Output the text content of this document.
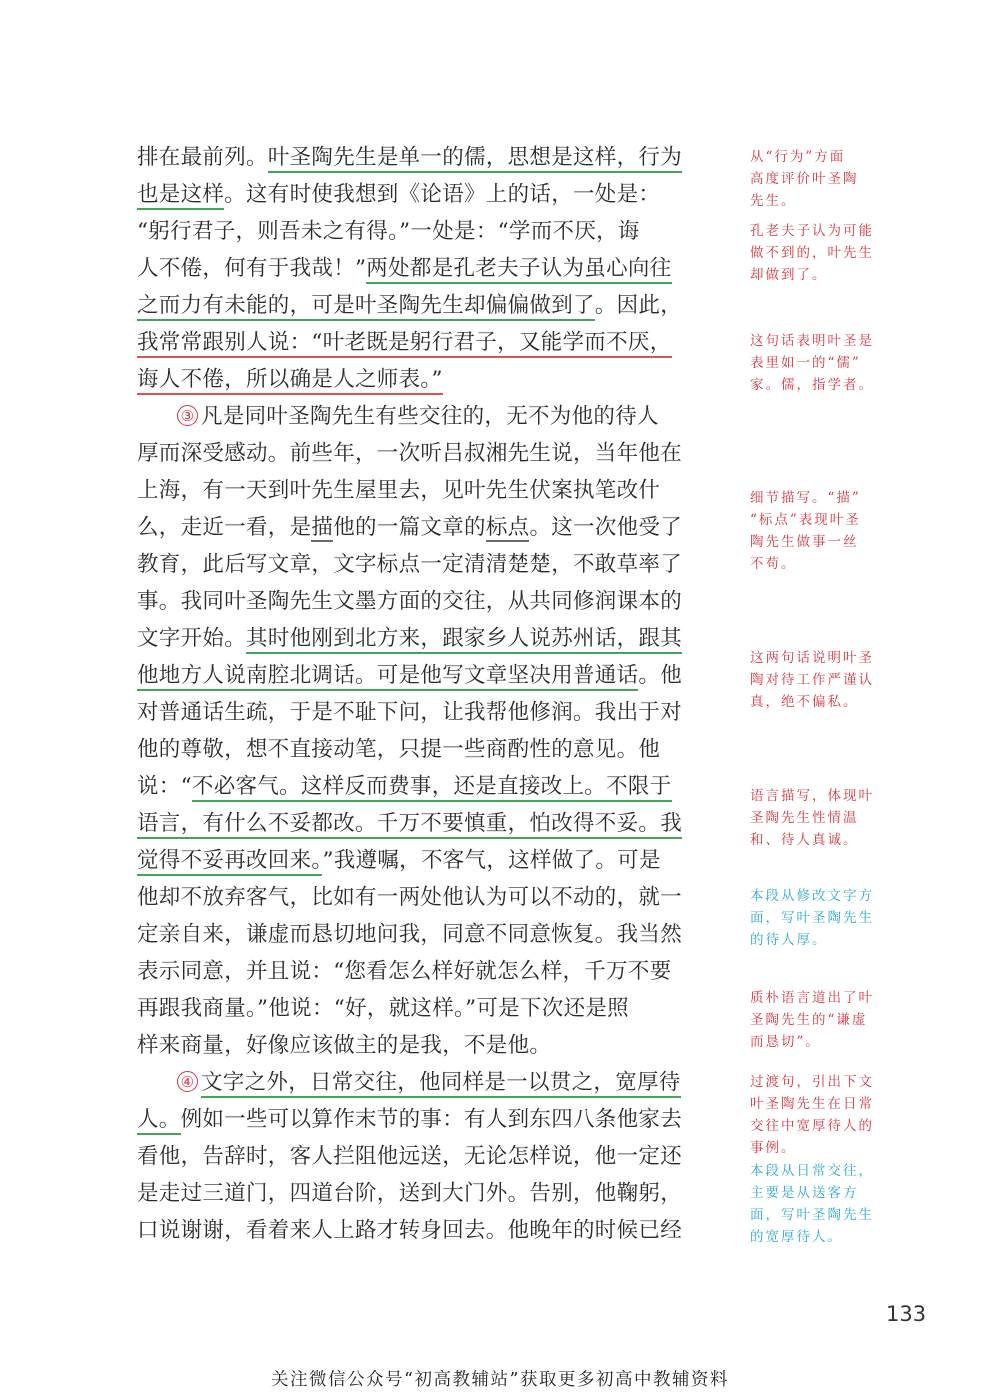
排在最前列。叶圣陶先生是单一的儒，思想是这样，行为
也是这样。这有时使我想到《论语》上的话，一处是：
“躬行君子，则吾未之有得。”一处是：“学而不厌，诲
人不倦，何有于我哉！”两处都是孔老夫子认为虽心向往
之而力有未能的，可是叶圣陶先生却偏偏做到了。因此，
我常常跟别人说：“叶老既是躬行君子，又能学而不厌，
诲人不倦，所以确是人之师表。”
③ 凡是同叶圣陶先生有些交往的，无不为他的待人
厚而深受感动。前些年，一次听吕叔湘先生说，当年他在
上海，有一天到叶先生屋里去，见叶先生伏案执笔改什
么，走近一看，是描他的一篇文章的标点。这一次他受了
教育，此后写文章，文字标点一定清清楚楚，不敢草率了
事。我同叶圣陶先生文墨方面的交往，从共同修润课本的
文字开始。其时他刚到北方来，跟家乡人说苏州话，跟其
他地方人说南腔北调话。可是他写文章坚决用普通话。他
对普通话生疏，于是不耻下问，让我帮他修润。我出于对
他的尊敬，想不直接动笔，只提一些商酌性的意见。他
说：“不必客气。这样反而费事，还是直接改上。不限于
语言，有什么不妥都改。千万不要慎重，怕改得不妥。我
觉得不妥再改回来。”我遵嘱，不客气，这样做了。可是
他却不放弃客气，比如有一两处他认为可以不动的，就一
定亲自来，谦虚而恳切地问我，同意不同意恢复。我当然
表示同意，并且说：“您看怎么样好就怎么样，千万不要
再跟我商量。”他说：“好，就这样。”可是下次还是照
样来商量，好像应该做主的是我，不是他。
④ 文字之外，日常交往，他同样是一以贯之，宽厚待
人。例如一些可以算作末节的事：有人到东四八条他家去
看他，告辞时，客人拦阻他远送，无论怎样说，他一定还
是走过三道门，四道台阶，送到大门外。告别，他鞠躬，
口说谢谢，看着来人上路才转身回去。他晚年的时候已经
从“行为”方面
高度评价叶圣陶
先生。
孔老夫子认为可能
做不到的，叶先生
却做到了。
这句话表明叶圣是
表里如一的“儒”
家。儒，指学者。
细节描写。“描”
“标点”表现叶圣
陶先生做事一丝
不苟。
这两句话说明叶圣
陶对待工作严谨认
真，绝不偏私。
语言描写，体现叶
圣陶先生性情温
和、待人真诚。
本段从修改文字方
面，写叶圣陶先生
的待人厚。
质朴语言道出了叶
圣陶先生的“谦虚
而恳切”。
过渡句，引出下文
叶圣陶先生在日常
交往中宽厚待人的
事例。
本段从日常交往，
主要是从送客方
面，写叶圣陶先生
的宽厚待人。
133
关注微信公众号“初高教辅站”获取更多初高中教辅资料
